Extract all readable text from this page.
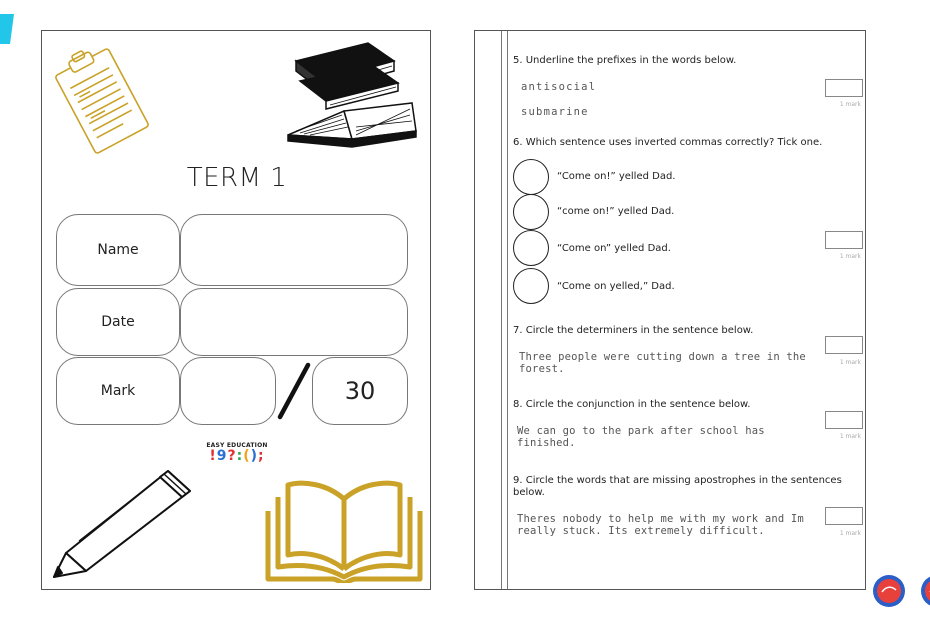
TERM 1
Name
Date
Mark	30
EASY EDUCATION
!9?:();
5. Underline the prefixes in the words below.
antisocial
submarine
1 mark
6. Which sentence uses inverted commas correctly? Tick one.
“Come on!” yelled Dad.
“come on!” yelled Dad.
“Come on” yelled Dad.
“Come on yelled,” Dad.
1 mark
7. Circle the determiners in the sentence below.
Three people were cutting down a tree in the forest.
1 mark
8. Circle the conjunction in the sentence below.
We can go to the park after school has finished.
1 mark
9. Circle the words that are missing apostrophes in the sentences below.
Theres nobody to help me with my work and Im really stuck. Its extremely difficult.	1 mark
